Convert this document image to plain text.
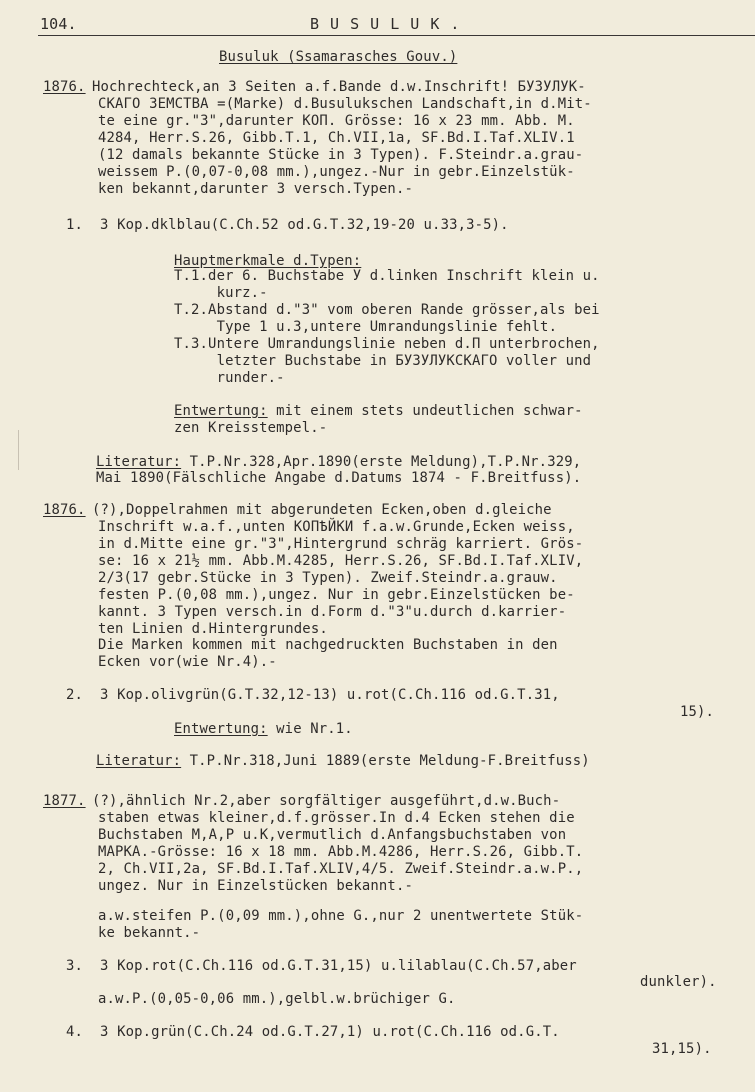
104.	B U S U L U K .
Busuluk (Ssamarasches Gouv.)
1876. Hochrechteck,an 3 Seiten a.f.Bande d.w.Inschrift! БУЗУЛУК-
СКАГО ЗЕМСТВА =(Marke) d.Busulukschen Landschaft,in d.Mit-
te eine gr."3",darunter КОП. Grösse: 16 x 23 mm. Abb. M.
4284, Herr.S.26, Gibb.T.1, Ch.VII,1a, SF.Bd.I.Taf.XLIV.1
(12 damals bekannte Stücke in 3 Typen). F.Steindr.a.grau-
weissem P.(0,07-0,08 mm.),ungez.-Nur in gebr.Einzelstük-
ken bekannt,darunter 3 versch.Typen.-
1.  3 Kop.dklblau(C.Ch.52 od.G.T.32,19-20 u.33,3-5).
Hauptmerkmale d.Typen:
T.1.der 6. Buchstabe У d.linken Inschrift klein u.
kurz.-
T.2.Abstand d."3" vom oberen Rande grösser,als bei
Type 1 u.3,untere Umrandungslinie fehlt.
T.3.Untere Umrandungslinie neben d.П unterbrochen,
letzter Buchstabe in БУЗУЛУКСКАГО voller und
runder.-
Entwertung: mit einem stets undeutlichen schwar-
zen Kreisstempel.-
Literatur: T.P.Nr.328,Apr.1890(erste Meldung),T.P.Nr.329,
Mai 1890(Fälschliche Angabe d.Datums 1874 - F.Breitfuss).
1876. (?),Doppelrahmen mit abgerundeten Ecken,oben d.gleiche
Inschrift w.a.f.,unten КОПѢЙКИ f.a.w.Grunde,Ecken weiss,
in d.Mitte eine gr."3",Hintergrund schräg karriert. Grös-
se: 16 x 21½ mm. Abb.M.4285, Herr.S.26, SF.Bd.I.Taf.XLIV,
2/3(17 gebr.Stücke in 3 Typen). Zweif.Steindr.a.grauw.
festen P.(0,08 mm.),ungez. Nur in gebr.Einzelstücken be-
kannt. 3 Typen versch.in d.Form d."3"u.durch d.karrier-
ten Linien d.Hintergrundes.
Die Marken kommen mit nachgedruckten Buchstaben in den
Ecken vor(wie Nr.4).-
2.  3 Kop.olivgrün(G.T.32,12-13) u.rot(C.Ch.116 od.G.T.31,
15).
Entwertung: wie Nr.1.
Literatur: T.P.Nr.318,Juni 1889(erste Meldung-F.Breitfuss)
1877. (?),ähnlich Nr.2,aber sorgfältiger ausgeführt,d.w.Buch-
staben etwas kleiner,d.f.grösser.In d.4 Ecken stehen die
Buchstaben M,A,P u.K,vermutlich d.Anfangsbuchstaben von
MAPKA.-Grösse: 16 x 18 mm. Abb.M.4286, Herr.S.26, Gibb.T.
2, Ch.VII,2a, SF.Bd.I.Taf.XLIV,4/5. Zweif.Steindr.a.w.P.,
ungez. Nur in Einzelstücken bekannt.-
a.w.steifen P.(0,09 mm.),ohne G.,nur 2 unentwertete Stük-
ke bekannt.-
3.  3 Kop.rot(C.Ch.116 od.G.T.31,15) u.lilablau(C.Ch.57,aber
dunkler).
a.w.P.(0,05-0,06 mm.),gelbl.w.brüchiger G.
4.  3 Kop.grün(C.Ch.24 od.G.T.27,1) u.rot(C.Ch.116 od.G.T.
31,15).
